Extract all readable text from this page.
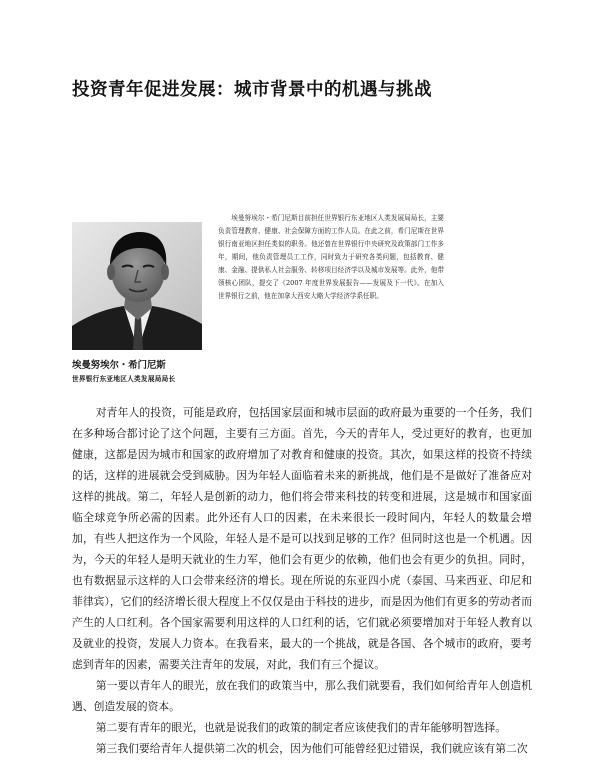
投资青年促进发展：城市背景中的机遇与挑战
埃曼努埃尔・希门尼斯目前担任世界银行东亚地区人类发展局局长，主要负责管理教育、健康、社会保障方面的工作人员。在此之前，希门尼斯在世界银行南亚地区担任类似的职务。他还曾在世界银行中央研究及政策部门工作多年，期间，他负责管理员工工作，同时致力于研究各类问题，包括教育、健康、金融、提供私人社会服务、转移项目经济学以及城市发展等。此外，他带领核心团队，提交了《2007 年度世界发展报告——发展及下一代》。在加入世界银行之前，他在加拿大西安大略大学经济学系任职。
埃曼努埃尔・希门尼斯
世界银行东亚地区人类发展局局长

对青年人的投资，可能是政府，包括国家层面和城市层面的政府最为重要的一个任务，我们在多种场合都讨论了这个问题，主要有三方面。首先，今天的青年人，受过更好的教育，也更加健康，这都是因为城市和国家的政府增加了对教育和健康的投资。其次，如果这样的投资不持续的话，这样的进展就会受到威胁。因为年轻人面临着未来的新挑战，他们是不是做好了准备应对这样的挑战。第二，年轻人是创新的动力，他们将会带来科技的转变和进展，这是城市和国家面临全球竞争所必需的因素。此外还有人口的因素，在未来很长一段时间内，年轻人的数量会增加，有些人把这作为一个风险，年轻人是不是可以找到足够的工作？但同时这也是一个机遇。因为，今天的年轻人是明天就业的生力军，他们会有更少的依赖，他们也会有更少的负担。同时，也有数据显示这样的人口会带来经济的增长。现在所说的东亚四小虎（泰国、马来西亚、印尼和菲律宾），它们的经济增长很大程度上不仅仅是由于科技的进步，而是因为他们有更多的劳动者而产生的人口红利。各个国家需要利用这样的人口红利的话，它们就必须要增加对于年轻人教育以及就业的投资，发展人力资本。在我看来，最大的一个挑战，就是各国、各个城市的政府，要考虑到青年的因素，需要关注青年的发展，对此，我们有三个提议。

第一要以青年人的眼光，放在我们的政策当中，那么我们就要看，我们如何给青年人创造机遇、创造发展的资本。

第二要有青年的眼光，也就是说我们的政策的制定者应该使我们的青年能够明智选择。

第三我们要给青年人提供第二次的机会，因为他们可能曾经犯过错误，我们就应该有第二次
